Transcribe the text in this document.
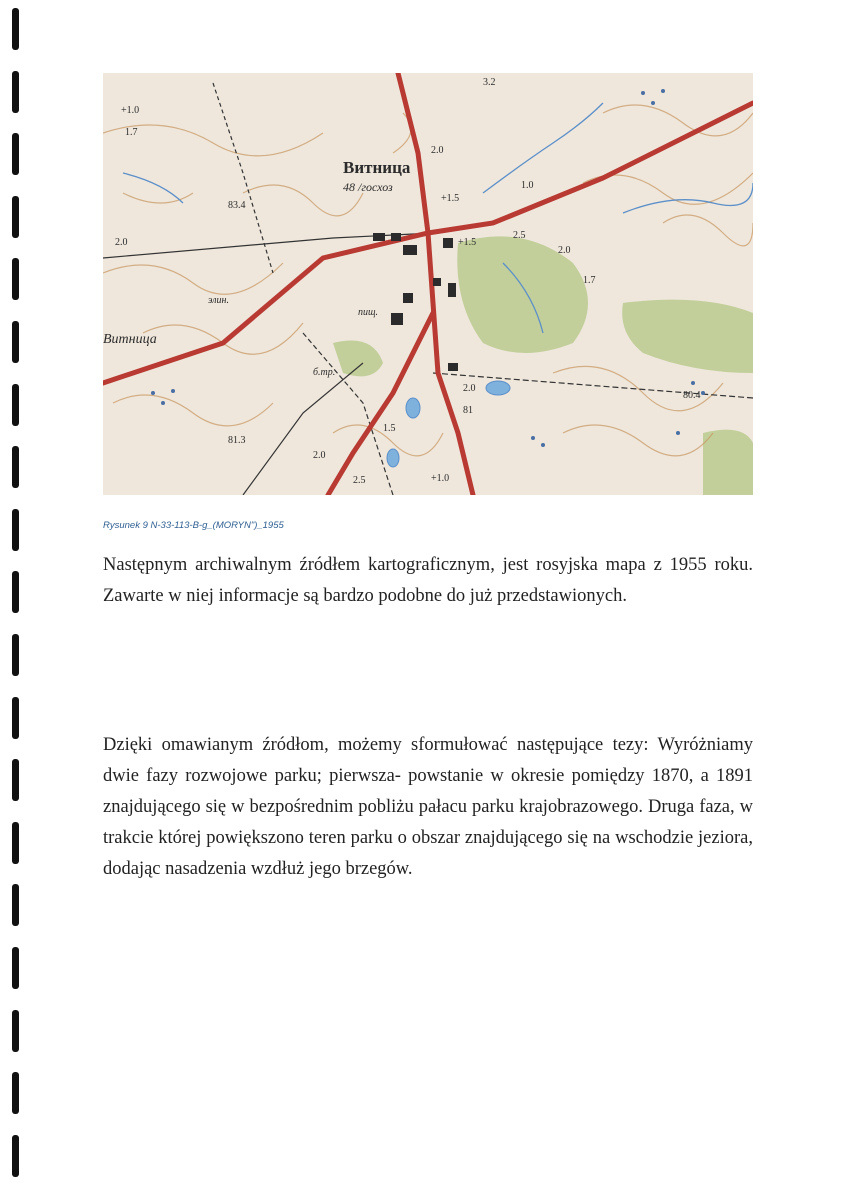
Витница
48 /госхоз
Витница
+1.0
1.7
83.4
2.0
3.2
2.0
+1.5
1.0
2.5
2.0
1.7
+1.5
81
80.4
81.3
2.0
2.5	+1.0
1.5
2.0
пищ.
элин.
б.тр.
Rysunek 9 N-33-113-B-g_(MORYN")_1955
Następnym archiwalnym źródłem kartograficznym, jest rosyjska mapa z 1955 roku. Zawarte w niej informacje są bardzo podobne do już przedstawionych.
Dzięki omawianym źródłom, możemy sformułować następujące tezy: Wyróżniamy dwie fazy rozwojowe parku; pierwsza- powstanie w okresie pomiędzy 1870, a 1891 znajdującego się w bezpośrednim pobliżu pałacu parku krajobrazowego. Druga faza, w trakcie której powiększono teren parku o obszar znajdującego się na wschodzie jeziora, dodając nasadzenia wzdłuż jego brzegów.
